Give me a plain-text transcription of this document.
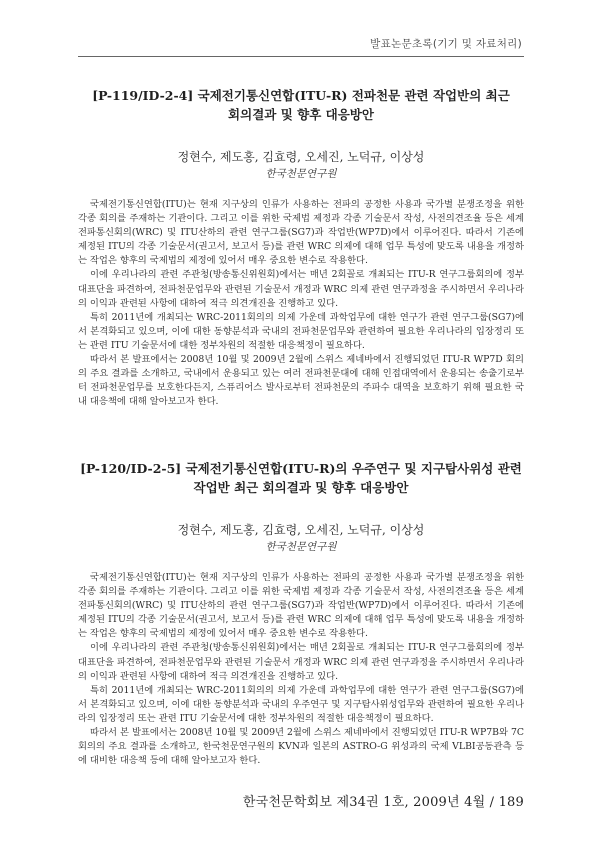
발표논문초록(기기 및 자료처리)
[P-119/ID-2-4] 국제전기통신연합(ITU-R) 전파천문 관련 작업반의 최근
회의결과 및 향후 대응방안
정현수, 제도홍, 김효령, 오세진, 노덕규, 이상성
한국천문연구원

국제전기통신연합(ITU)는 현재 지구상의 인류가 사용하는 전파의 공정한 사용과 국가별 분쟁조정을 위한 각종 회의를 주재하는 기관이다. 그리고 이를 위한 국제법 제정과 각종 기술문서 작성, 사전의견조율 등은 세계전파통신회의(WRC) 및 ITU산하의 관련 연구그룹(SG7)과 작업반(WP7D)에서 이루어진다. 따라서 기존에 제정된 ITU의 각종 기술문서(권고서, 보고서 등)를 관련 WRC 의제에 대해 업무 특성에 맞도록 내용을 개정하는 작업은 향후의 국제법의 제정에 있어서 매우 중요한 변수로 작용한다.

이에 우리나라의 관련 주관청(방송통신위원회)에서는 매년 2회꼴로 개최되는 ITU-R 연구그룹회의에 정부 대표단을 파견하여, 전파천문업무와 관련된 기술문서 개정과 WRC 의제 관련 연구과정을 주시하면서 우리나라의 이익과 관련된 사항에 대하여 적극 의견개진을 진행하고 있다.

특히 2011년에 개최되는 WRC-2011회의의 의제 가운데 과학업무에 대한 연구가 관련 연구그룹(SG7)에서 본격화되고 있으며, 이에 대한 동향분석과 국내의 전파천문업무와 관련하여 필요한 우리나라의 입장정리 또는 관련 ITU 기술문서에 대한 정부차원의 적절한 대응책정이 필요하다.

따라서 본 발표에서는 2008년 10월 및 2009년 2월에 스위스 제네바에서 진행되었던 ITU-R WP7D 회의의 주요 결과를 소개하고, 국내에서 운용되고 있는 여러 전파천문대에 대해 인접대역에서 운용되는 송출기로부터 전파천문업무를 보호한다든지, 스퓨리어스 발사로부터 전파천문의 주파수 대역을 보호하기 위해 필요한 국내 대응책에 대해 알아보고자 한다.

[P-120/ID-2-5] 국제전기통신연합(ITU-R)의 우주연구 및 지구탐사위성 관련
작업반 최근 회의결과 및 향후 대응방안
정현수, 제도홍, 김효령, 오세진, 노덕규, 이상성
한국천문연구원

국제전기통신연합(ITU)는 현재 지구상의 인류가 사용하는 전파의 공정한 사용과 국가별 분쟁조정을 위한 각종 회의를 주재하는 기관이다. 그리고 이를 위한 국제법 제정과 각종 기술문서 작성, 사전의견조율 등은 세계전파통신회의(WRC) 및 ITU산하의 관련 연구그룹(SG7)과 작업반(WP7D)에서 이루어진다. 따라서 기존에 제정된 ITU의 각종 기술문서(권고서, 보고서 등)를 관련 WRC 의제에 대해 업무 특성에 맞도록 내용을 개정하는 작업은 향후의 국제법의 제정에 있어서 매우 중요한 변수로 작용한다.

이에 우리나라의 관련 주관청(방송통신위원회)에서는 매년 2회꼴로 개최되는 ITU-R 연구그룹회의에 정부 대표단을 파견하여, 전파천문업무와 관련된 기술문서 개정과 WRC 의제 관련 연구과정을 주시하면서 우리나라의 이익과 관련된 사항에 대하여 적극 의견개진을 진행하고 있다.

특히 2011년에 개최되는 WRC-2011회의의 의제 가운데 과학업무에 대한 연구가 관련 연구그룹(SG7)에서 본격화되고 있으며, 이에 대한 동향분석과 국내의 우주연구 및 지구탐사위성업무와 관련하여 필요한 우리나라의 입장정리 또는 관련 ITU 기술문서에 대한 정부차원의 적절한 대응책정이 필요하다.

따라서 본 발표에서는 2008년 10월 및 2009년 2월에 스위스 제네바에서 진행되었던 ITU-R WP7B와 7C 회의의 주요 결과를 소개하고, 한국천문연구원의 KVN과 일본의 ASTRO-G 위성과의 국제 VLBI공동관측 등에 대비한 대응책 등에 대해 알아보고자 한다.

한국천문학회보 제34권 1호, 2009년 4월 / 189
